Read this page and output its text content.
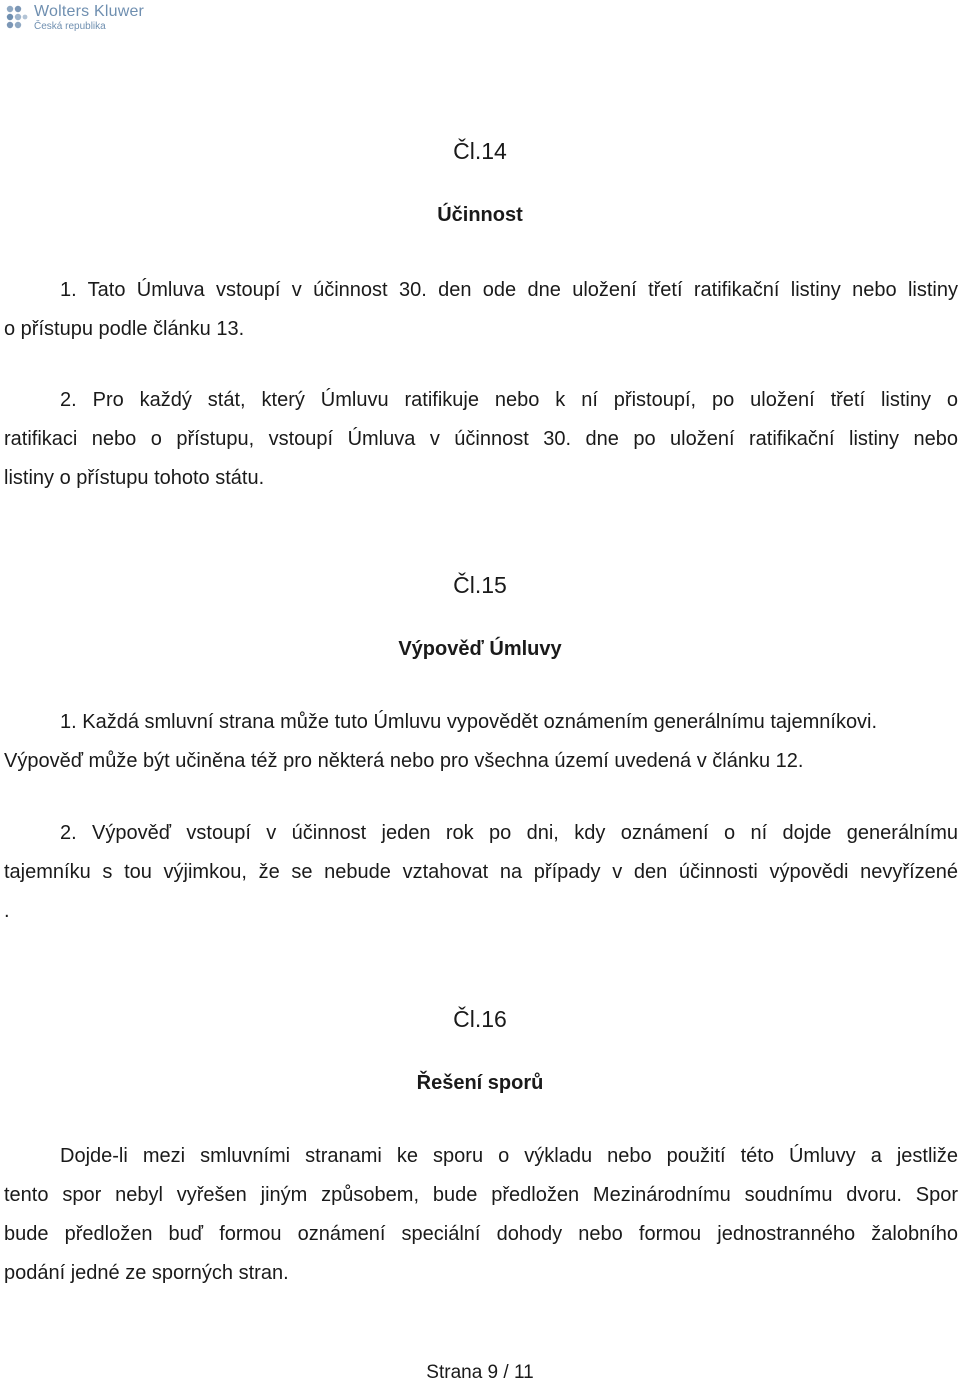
Wolters Kluwer
Česká republika
Čl.14
Účinnost
1. Tato Úmluva vstoupí v účinnost 30. den ode dne uložení třetí ratifikační listiny nebo listiny
o přístupu podle článku 13.
2. Pro každý stát, který Úmluvu ratifikuje nebo k ní přistoupí, po uložení třetí listiny o
ratifikaci nebo o přístupu, vstoupí Úmluva v účinnost 30. dne po uložení ratifikační listiny nebo
listiny o přístupu tohoto státu.
Čl.15
Výpověď Úmluvy
1. Každá smluvní strana může tuto Úmluvu vypovědět oznámením generálnímu tajemníkovi.
Výpověď může být učiněna též pro některá nebo pro všechna území uvedená v článku 12.
2. Výpověď vstoupí v účinnost jeden rok po dni, kdy oznámení o ní dojde generálnímu
tajemníku s tou výjimkou, že se nebude vztahovat na případy v den účinnosti výpovědi nevyřízené
.
Čl.16
Řešení sporů
Dojde-li mezi smluvními stranami ke sporu o výkladu nebo použití této Úmluvy a jestliže
tento spor nebyl vyřešen jiným způsobem, bude předložen Mezinárodnímu soudnímu dvoru. Spor
bude předložen buď formou oznámení speciální dohody nebo formou jednostranného žalobního
podání jedné ze sporných stran.
Strana 9 / 11
